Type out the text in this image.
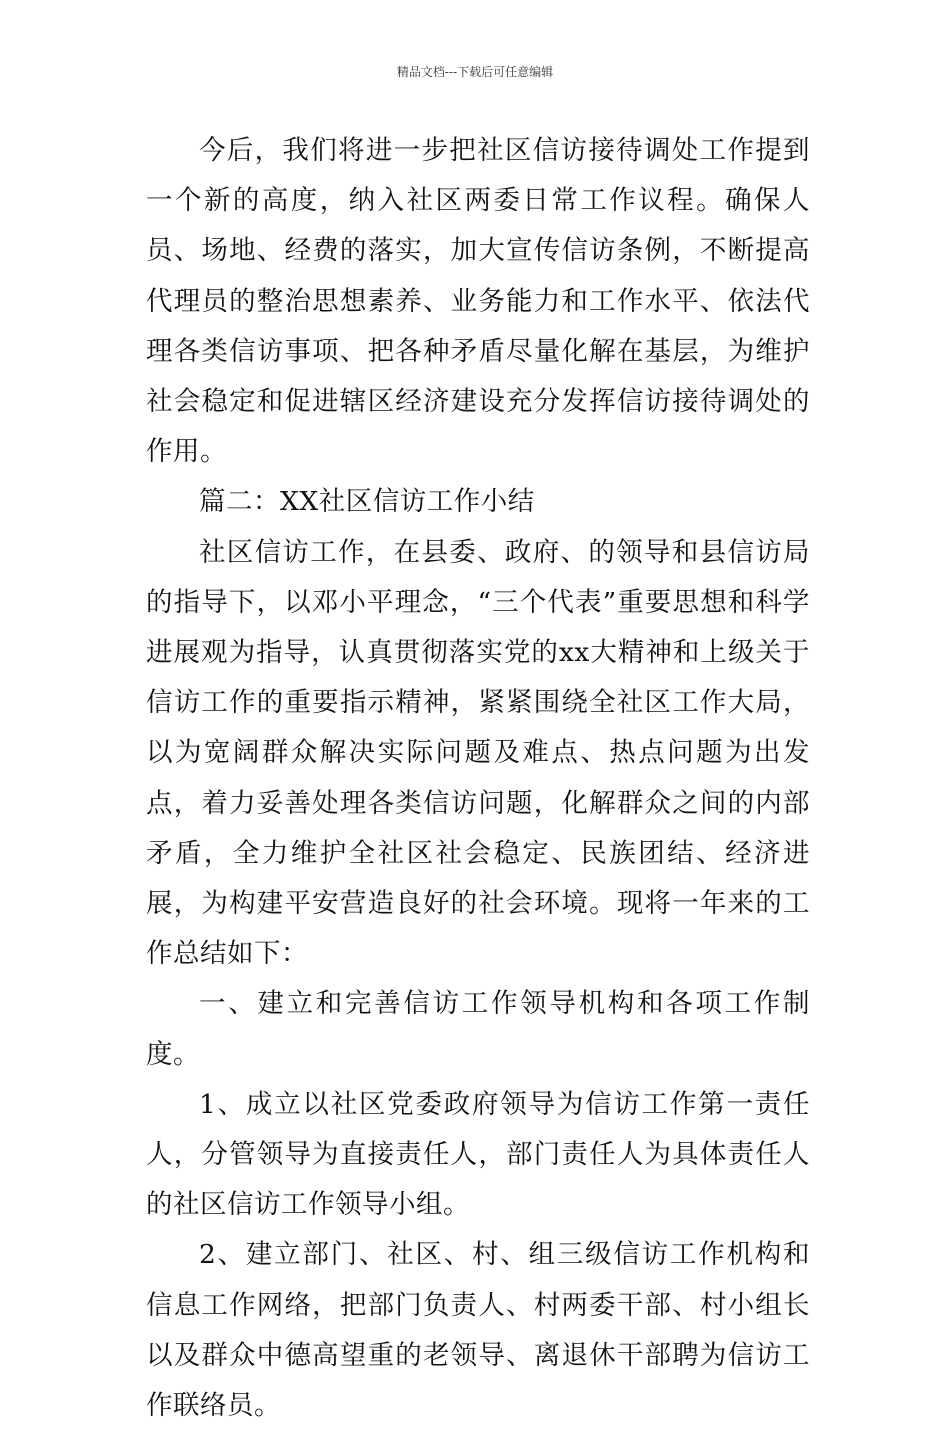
精品文档---下载后可任意编辑

今后，我们将进一步把社区信访接待调处工作提到一个新的高度，纳入社区两委日常工作议程。确保人员、场地、经费的落实，加大宣传信访条例，不断提高代理员的整治思想素养、业务能力和工作水平、依法代理各类信访事项、把各种矛盾尽量化解在基层，为维护社会稳定和促进辖区经济建设充分发挥信访接待调处的作用。

篇二：XX社区信访工作小结

社区信访工作，在县委、政府、的领导和县信访局的指导下，以邓小平理念，“三个代表”重要思想和科学进展观为指导，认真贯彻落实党的xx大精神和上级关于信访工作的重要指示精神，紧紧围绕全社区工作大局，以为宽阔群众解决实际问题及难点、热点问题为出发点，着力妥善处理各类信访问题，化解群众之间的内部矛盾，全力维护全社区社会稳定、民族团结、经济进展，为构建平安营造良好的社会环境。现将一年来的工作总结如下：

一、建立和完善信访工作领导机构和各项工作制度。

1、成立以社区党委政府领导为信访工作第一责任人，分管领导为直接责任人，部门责任人为具体责任人的社区信访工作领导小组。

2、建立部门、社区、村、组三级信访工作机构和信息工作网络，把部门负责人、村两委干部、村小组长以及群众中德高望重的老领导、离退休干部聘为信访工作联络员。
